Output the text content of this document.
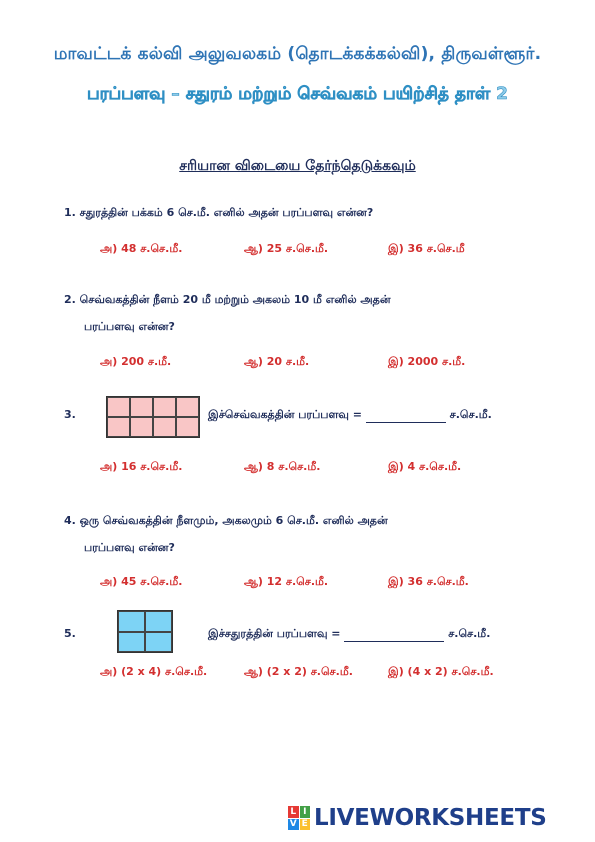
மாவட்டக் கல்வி அலுவலகம் (தொடக்கக்கல்வி), திருவள்ளூர்.
பரப்பளவு – சதுரம் மற்றும் செவ்வகம் பயிற்சித் தாள் 2
சரியான விடையை தேர்ந்தெடுக்கவும்
1. சதுரத்தின் பக்கம் 6 செ.மீ. எனில் அதன் பரப்பளவு என்ன?
அ) 48 ச.செ.மீ.	ஆ) 25 ச.செ.மீ.	இ) 36 ச.செ.மீ
2. செவ்வகத்தின் நீளம் 20 மீ மற்றும் அகலம் 10 மீ எனில் அதன்
பரப்பளவு என்ன?
அ) 200 ச.மீ.	ஆ) 20 ச.மீ.	இ) 2000 ச.மீ.
3.	இச்செவ்வகத்தின் பரப்பளவு =	ச.செ.மீ.
அ) 16 ச.செ.மீ.	ஆ) 8 ச.செ.மீ.	இ) 4 ச.செ.மீ.
4. ஒரு செவ்வகத்தின் நீளமும், அகலமும் 6 செ.மீ. எனில் அதன்
பரப்பளவு என்ன?
அ) 45 ச.செ.மீ.	ஆ) 12 ச.செ.மீ.	இ) 36 ச.செ.மீ.
5.	இச்சதுரத்தின் பரப்பளவு =	ச.செ.மீ.
அ) (2 x 4) ச.செ.மீ.	ஆ) (2 x 2) ச.செ.மீ.	இ) (4 x 2) ச.செ.மீ.
L I
V E LIVEWORKSHEETS
